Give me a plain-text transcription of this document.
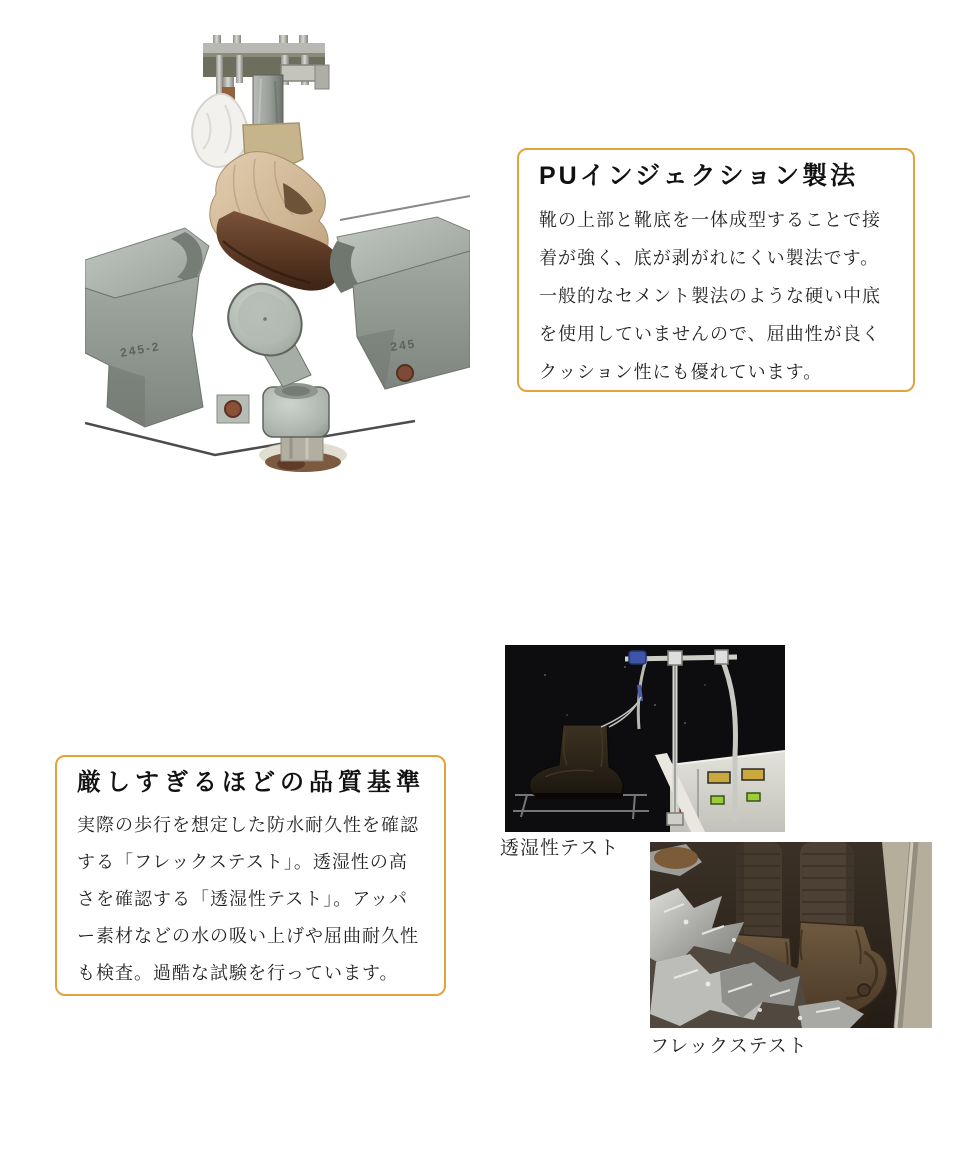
245-2	245
PUインジェクション製法

靴の上部と靴底を一体成型することで接着が強く、底が剥がれにくい製法です。一般的なセメント製法のような硬い中底を使用していませんので、屈曲性が良くクッション性にも優れています。

厳しすぎるほどの品質基準

実際の歩行を想定した防水耐久性を確認する「フレックステスト」。透湿性の高さを確認する「透湿性テスト」。アッパー素材などの水の吸い上げや屈曲耐久性も検査。過酷な試験を行っています。

透湿性テスト
フレックステスト
